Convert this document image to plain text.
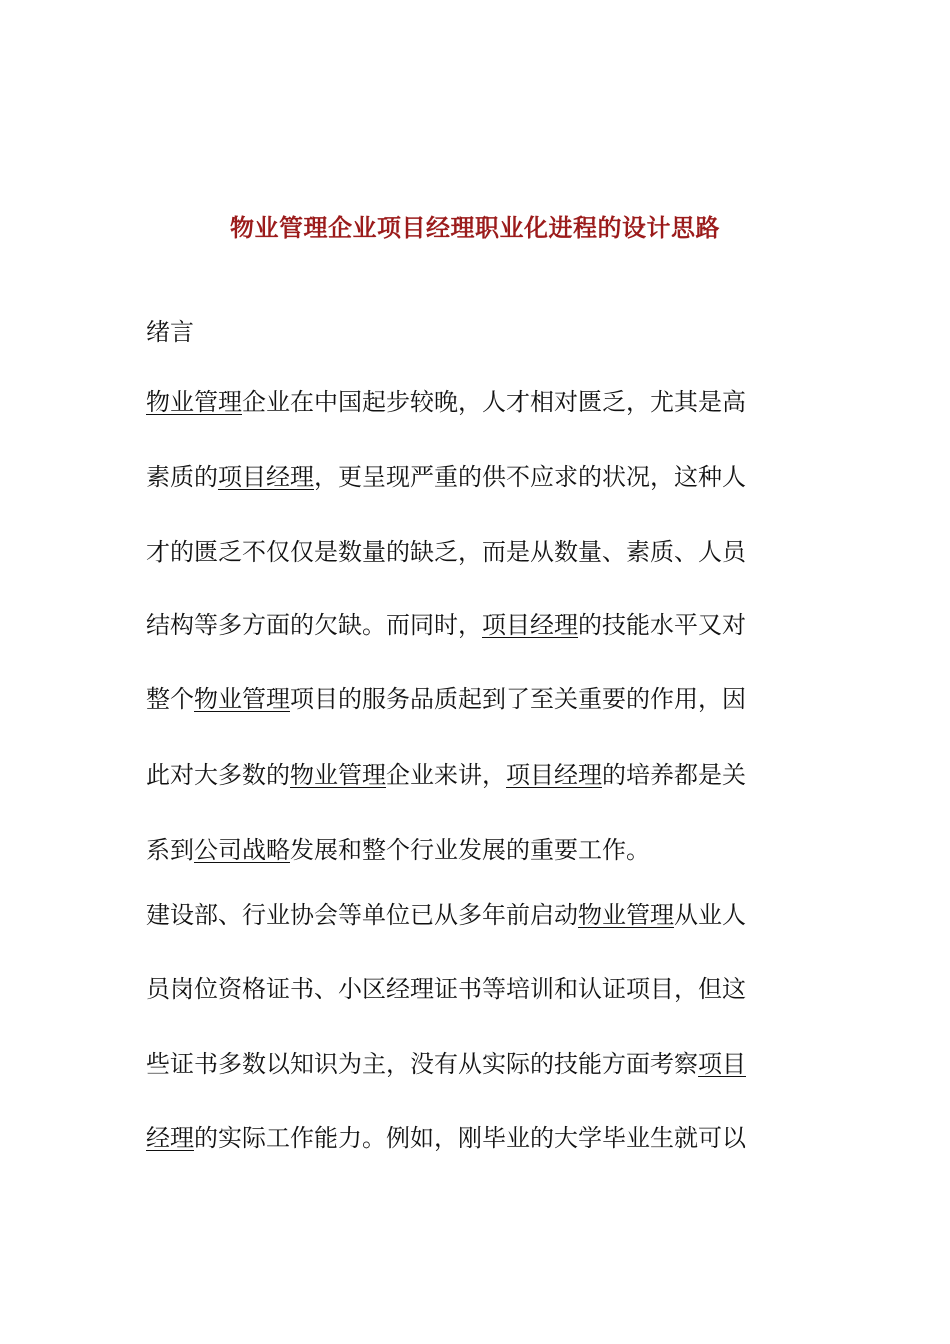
物业管理企业项目经理职业化进程的设计思路
绪言
物业管理企业在中国起步较晚，人才相对匮乏，尤其是高
素质的项目经理，更呈现严重的供不应求的状况，这种人
才的匮乏不仅仅是数量的缺乏，而是从数量、素质、人员
结构等多方面的欠缺。而同时，项目经理的技能水平又对
整个物业管理项目的服务品质起到了至关重要的作用，因
此对大多数的物业管理企业来讲，项目经理的培养都是关
系到公司战略发展和整个行业发展的重要工作。
建设部、行业协会等单位已从多年前启动物业管理从业人
员岗位资格证书、小区经理证书等培训和认证项目，但这
些证书多数以知识为主，没有从实际的技能方面考察项目
经理的实际工作能力。例如，刚毕业的大学毕业生就可以
